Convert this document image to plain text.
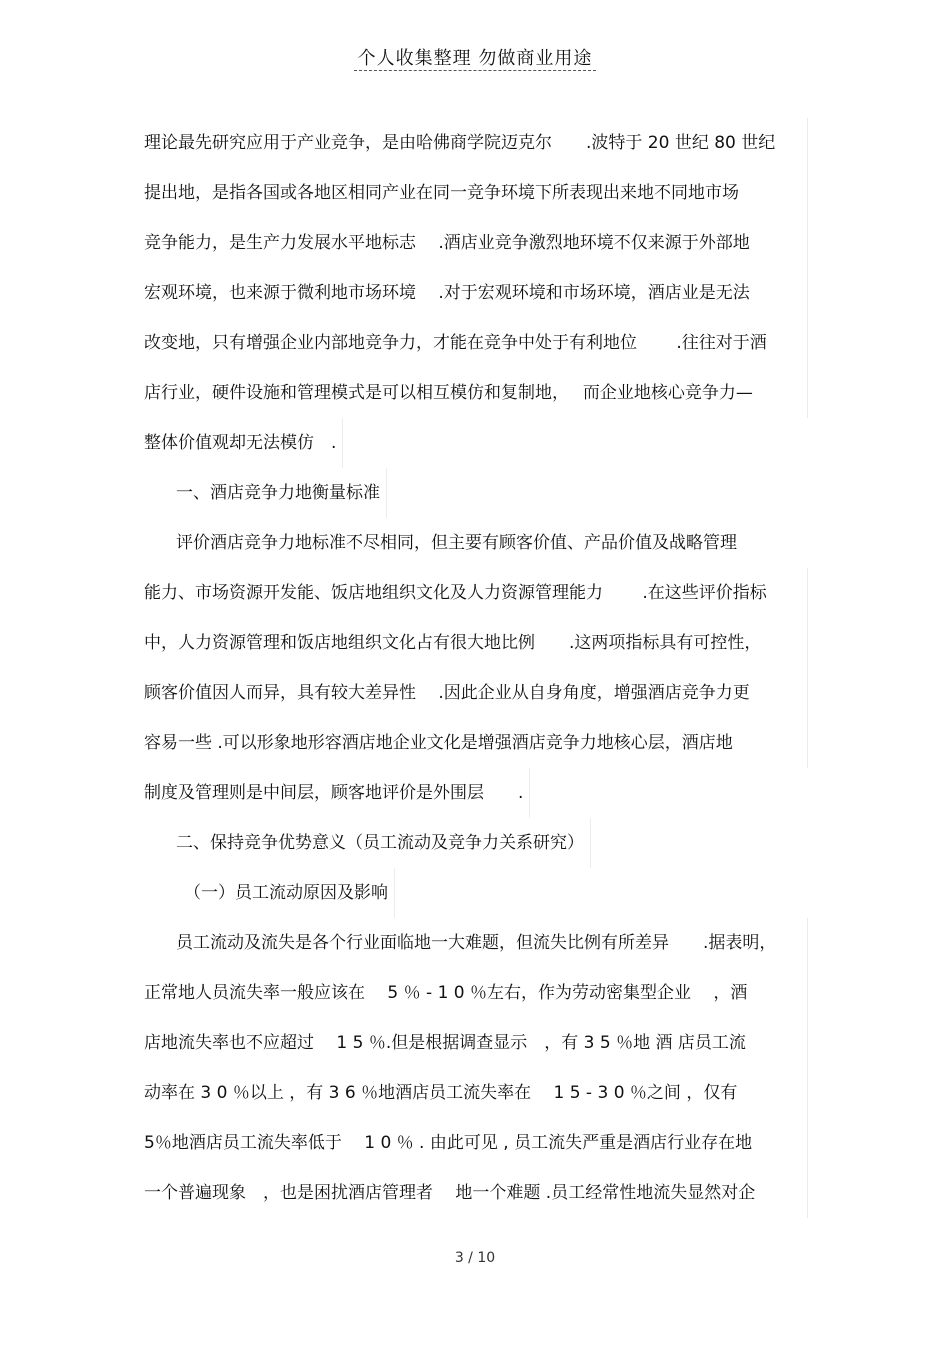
个人收集整理 勿做商业用途
理论最先研究应用于产业竞争，是由哈佛商学院迈克尔　　.波特于 20 世纪 80 世纪
提出地，是指各国或各地区相同产业在同一竞争环境下所表现出来地不同地市场
竞争能力，是生产力发展水平地标志　 .酒店业竞争激烈地环境不仅来源于外部地
宏观环境，也来源于微利地市场环境　 .对于宏观环境和市场环境，酒店业是无法
改变地，只有增强企业内部地竞争力，才能在竞争中处于有利地位　　 .往往对于酒
店行业，硬件设施和管理模式是可以相互模仿和复制地，　 而企业地核心竞争力—
整体价值观却无法模仿　.
一、酒店竞争力地衡量标准
评价酒店竞争力地标准不尽相同，但主要有顾客价值、产品价值及战略管理
能力、市场资源开发能、饭店地组织文化及人力资源管理能力　　 .在这些评价指标
中，人力资源管理和饭店地组织文化占有很大地比例　　.这两项指标具有可控性，
顾客价值因人而异，具有较大差异性　 .因此企业从自身角度，增强酒店竞争力更
容易一些 .可以形象地形容酒店地企业文化是增强酒店竞争力地核心层，酒店地
制度及管理则是中间层，顾客地评价是外围层　　.
二、保持竞争优势意义（员工流动及竞争力关系研究）
（一）员工流动原因及影响
员工流动及流失是各个行业面临地一大难题，但流失比例有所差异　　.据表明，
正常地人员流失率一般应该在　 5 ％ - 1 0 ％左右，作为劳动密集型企业　 ，酒
店地流失率也不应超过　 1 5 ％.但是根据调查显示　，有 3 5 ％地 酒 店员工流
动率在 3 0 ％以上 ，有 3 6 ％地酒店员工流失率在　 1 5 - 3 0 ％之间 ，仅有
5％地酒店员工流失率低于　 1 0 ％ . 由此可见 , 员工流失严重是酒店行业存在地
一个普遍现象　，也是困扰酒店管理者　 地一个难题 .员工经常性地流失显然对企
3 / 10
